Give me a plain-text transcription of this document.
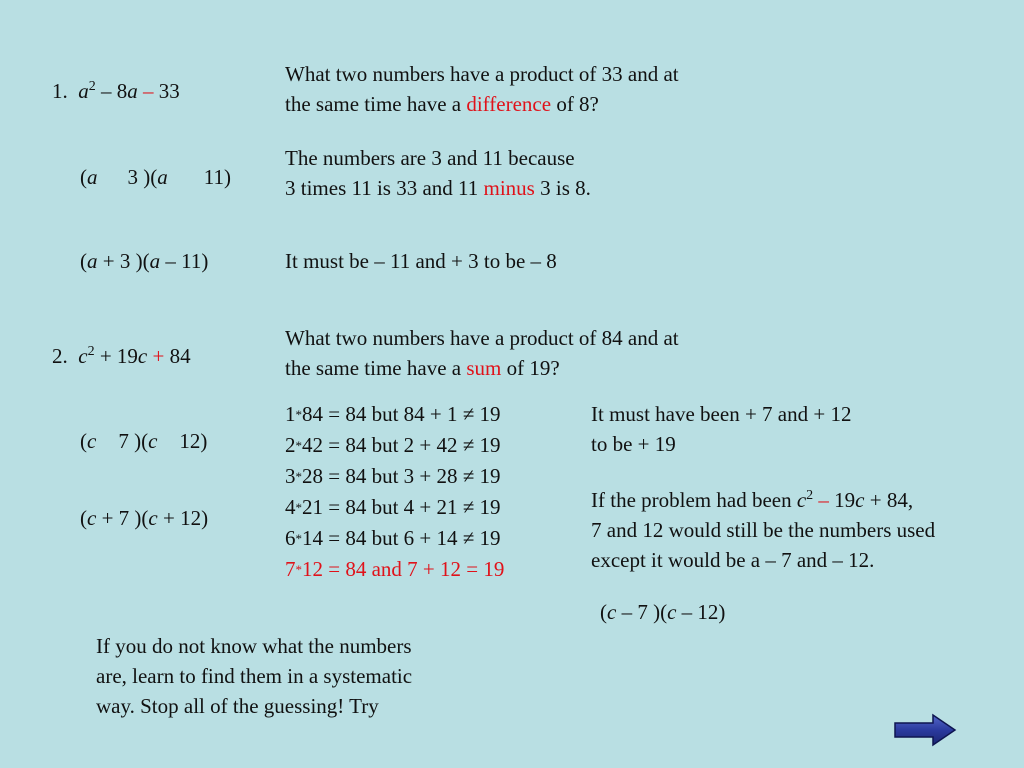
1. $a^2 - 8a - 33$
What two numbers have a product of 33 and at
the same time have a difference of 8?
(a 3 )(a 11)
The numbers are 3 and 11 because
3 times 11 is 33 and 11 minus 3 is 8.
(a + 3 )(a – 11)	It must be – 11 and + 3 to be – 8
2. $c^2 + 19c + 84$
What two numbers have a product of 84 and at
the same time have a sum of 19?
(c 7 )(c 12)
(c + 7 )(c + 12)
1*84 = 84 but 84 + 1 ≠ 19
2*42 = 84 but 2 + 42 ≠ 19
3*28 = 84 but 3 + 28 ≠ 19
4*21 = 84 but 4 + 21 ≠ 19
6*14 = 84 but 6 + 14 ≠ 19
7*12 = 84 and 7 + 12 = 19
It must have been + 7 and + 12
to be + 19
If the problem had been $c^2 - 19c + 84$,
7 and 12 would still be the numbers used
except it would be a – 7 and – 12.
(c – 7 )(c – 12)
If you do not know what the numbers
are, learn to find them in a systematic
way. Stop all of the guessing! Try
